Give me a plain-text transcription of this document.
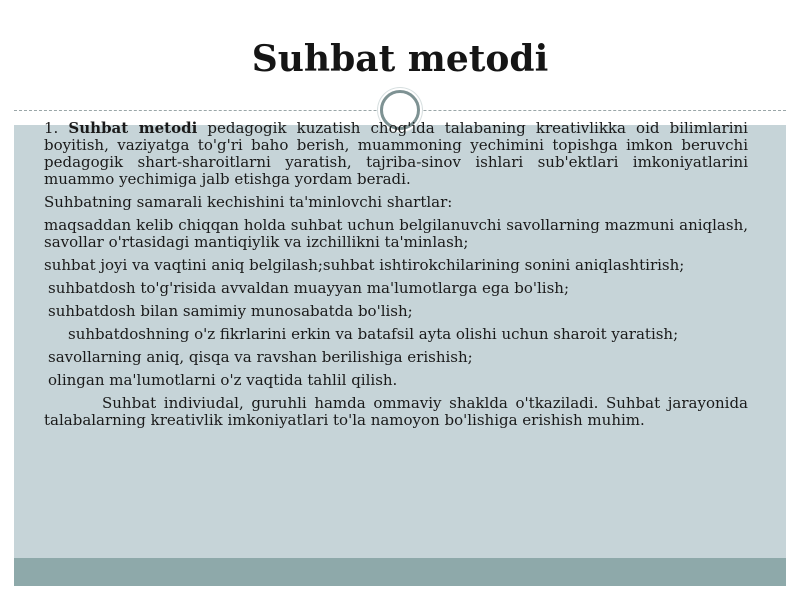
Suhbat metodi

1. Suhbat metodi pedagogik kuzatish chog'ida talabaning kreativlikka oid bilimlarini boyitish, vaziyatga to'g'ri baho berish, muammoning yechimini topishga imkon beruvchi pedagogik shart-sharoitlarni yaratish, tajriba-sinov ishlari sub'ektlari imkoniyatlarini muammo yechimiga jalb etishga yordam beradi.

Suhbatning samarali kechishini ta'minlovchi shartlar:

maqsaddan kelib chiqqan holda suhbat uchun belgilanuvchi savollarning mazmuni aniqlash, savollar o'rtasidagi mantiqiylik va izchillikni ta'minlash;

suhbat joyi va vaqtini aniq belgilash;suhbat ishtirokchilarining sonini aniqlashtirish;

suhbatdosh to'g'risida avvaldan muayyan ma'lumotlarga ega bo'lish;

suhbatdosh bilan samimiy munosabatda bo'lish;

suhbatdoshning o'z fikrlarini erkin va batafsil ayta olishi uchun sharoit yaratish;

savollarning aniq, qisqa va ravshan berilishiga erishish;

olingan ma'lumotlarni o'z vaqtida tahlil qilish.

Suhbat indiviudal, guruhli hamda ommaviy shaklda o'tkaziladi. Suhbat jarayonida talabalarning kreativlik imkoniyatlari to'la namoyon bo'lishiga erishish muhim.
